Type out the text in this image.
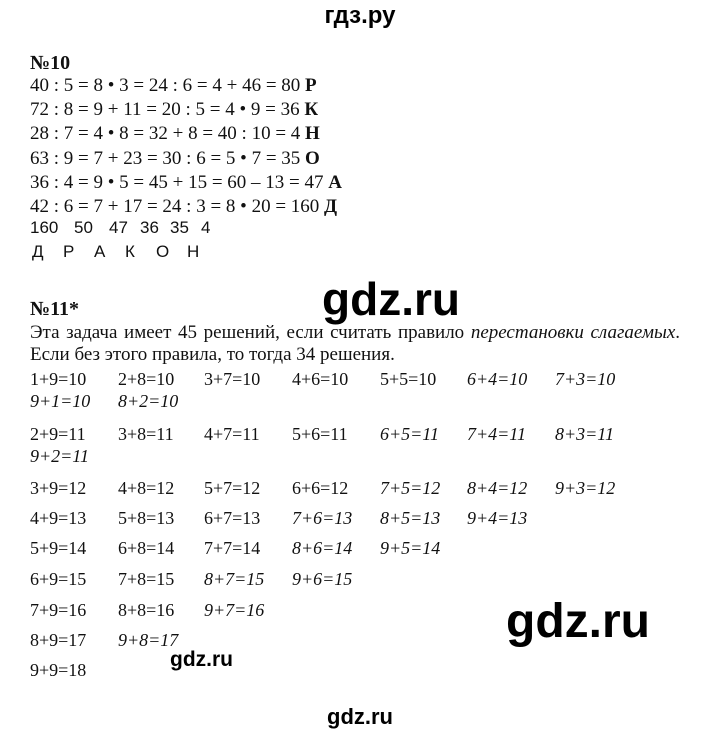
гдз.ру
№10
40 : 5 = 8 • 3 = 24 : 6 = 4 + 46 = 80 Р
72 : 8 = 9 + 11 = 20 : 5 = 4 • 9 = 36 К
28 : 7 = 4 • 8 = 32 + 8 = 40 : 10 = 4 Н
63 : 9 = 7 + 23 = 30 : 6 = 5 • 7 = 35 О
36 : 4 = 9 • 5 = 45 + 15 = 60 – 13 = 47 А
42 : 6 = 7 + 17 = 24 : 3 = 8 • 20 = 160 Д
160 50 47 36 35 4
Д Р А К О Н
gdz.ru
№11*
Эта задача имеет 45 решений, если считать правило перестановки слагаемых. Если без этого правила, то тогда 34 решения.
1+9=10 2+8=10 3+7=10 4+6=10 5+5=10 6+4=10 7+3=10
9+1=10 8+2=10
2+9=11 3+8=11 4+7=11 5+6=11 6+5=11 7+4=11 8+3=11
9+2=11
3+9=12 4+8=12 5+7=12 6+6=12 7+5=12 8+4=12 9+3=12
4+9=13 5+8=13 6+7=13 7+6=13 8+5=13 9+4=13
5+9=14 6+8=14 7+7=14 8+6=14 9+5=14
6+9=15 7+8=15 8+7=15 9+6=15
7+9=16 8+8=16 9+7=16
8+9=17 9+8=17
9+9=18
gdz.ru
gdz.ru
gdz.ru
